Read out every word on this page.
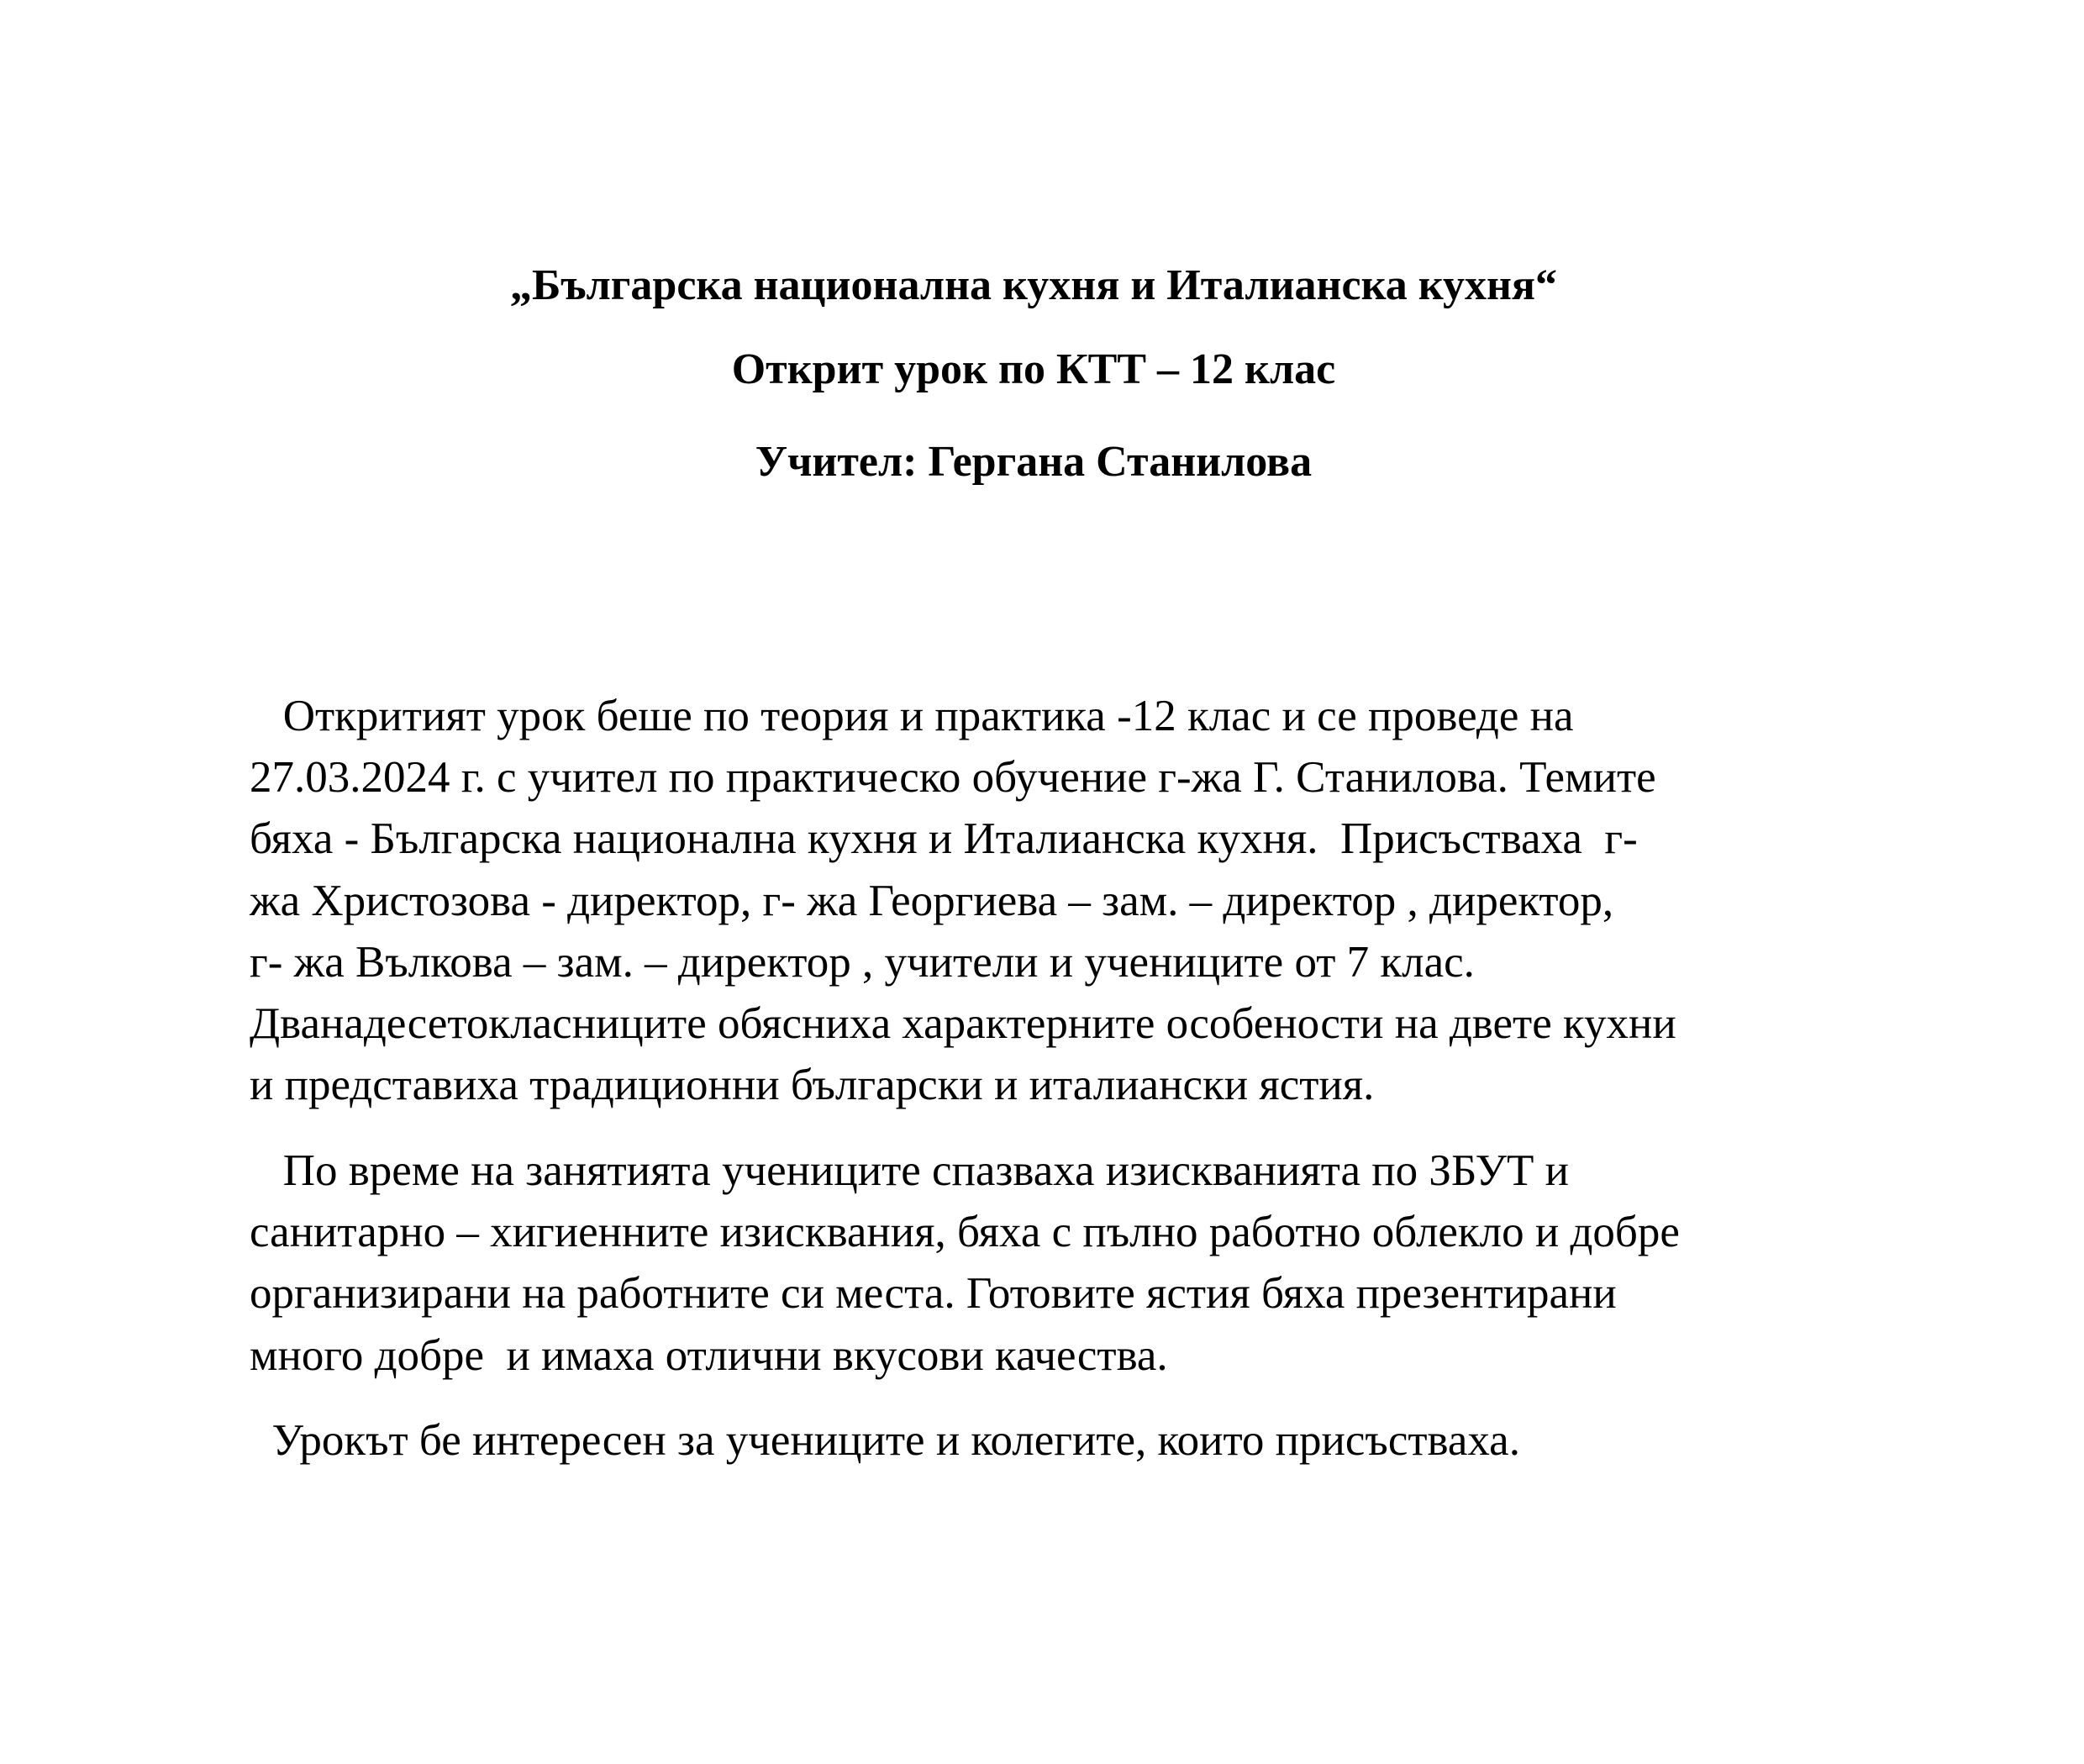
„Българска национална кухня и Италианска кухня“
Открит урок по КТТ – 12 клас
Учител: Гергана Станилова

Откритият урок беше по теория и практика -12 клас и се проведе на

27.03.2024 г. с учител по практическо обучение г-жа Г. Станилова. Темите

бяха - Българска национална кухня и Италианска кухня.  Присъстваха  г-

жа Христозова - директор, г- жа Георгиева – зам. – директор , директор,

г- жа Вълкова – зам. – директор , учители и учениците от 7 клас.

Дванадесетокласниците обясниха характерните особености на двете кухни

и представиха традиционни български и италиански ястия.

По време на занятията учениците спазваха изискванията по ЗБУТ и

санитарно – хигиенните изисквания, бяха с пълно работно облекло и добре

организирани на работните си места. Готовите ястия бяха презентирани

много добре  и имаха отлични вкусови качества.

Урокът бе интересен за учениците и колегите, които присъстваха.
